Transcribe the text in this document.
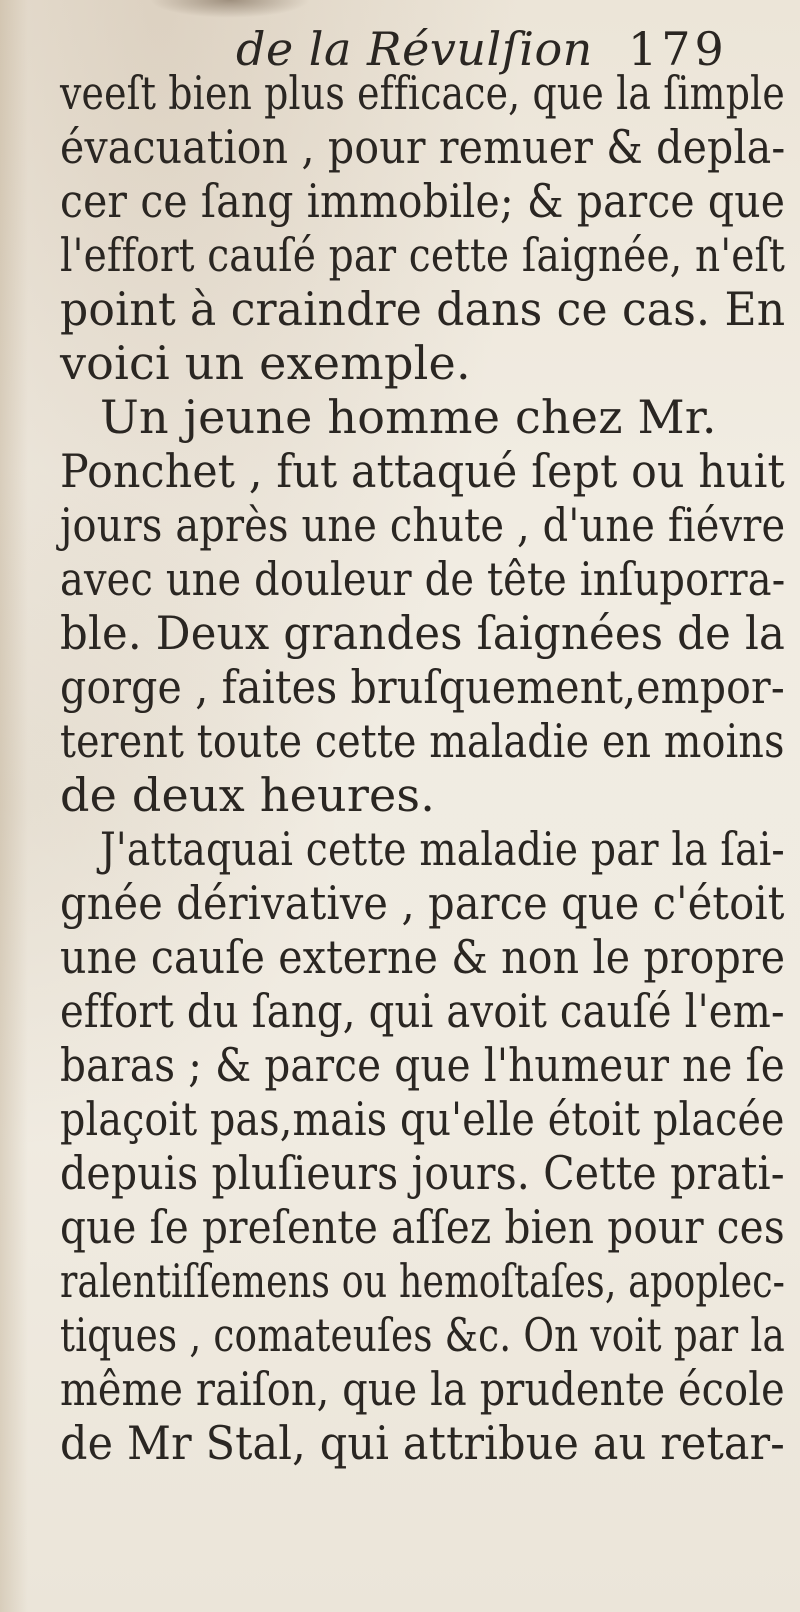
de la Révulſion 179
veeſt bien plus efficace, que la ſimple
évacuation , pour remuer & depla-
cer ce ſang immobile; & parce que
l'effort cauſé par cette ſaignée, n'eſt
point à craindre dans ce cas. En
voici un exemple.
Un jeune homme chez Mr.
Ponchet , fut attaqué ſept ou huit
jours après une chute , d'une fiévre
avec une douleur de tête inſuporra-
ble. Deux grandes ſaignées de la
gorge , faites bruſquement,empor-
terent toute cette maladie en moins
de deux heures.
J'attaquai cette maladie par la ſai-
gnée dérivative , parce que c'étoit
une cauſe externe & non le propre
effort du ſang, qui avoit cauſé l'em-
baras ; & parce que l'humeur ne ſe
plaçoit pas,mais qu'elle étoit placée
depuis pluſieurs jours. Cette prati-
que ſe preſente aſſez bien pour ces
ralentiſſemens ou hemoſtaſes, apoplec-
tiques , comateuſes &c. On voit par la
même raiſon, que la prudente école
de Mr Stal, qui attribue au retar-
